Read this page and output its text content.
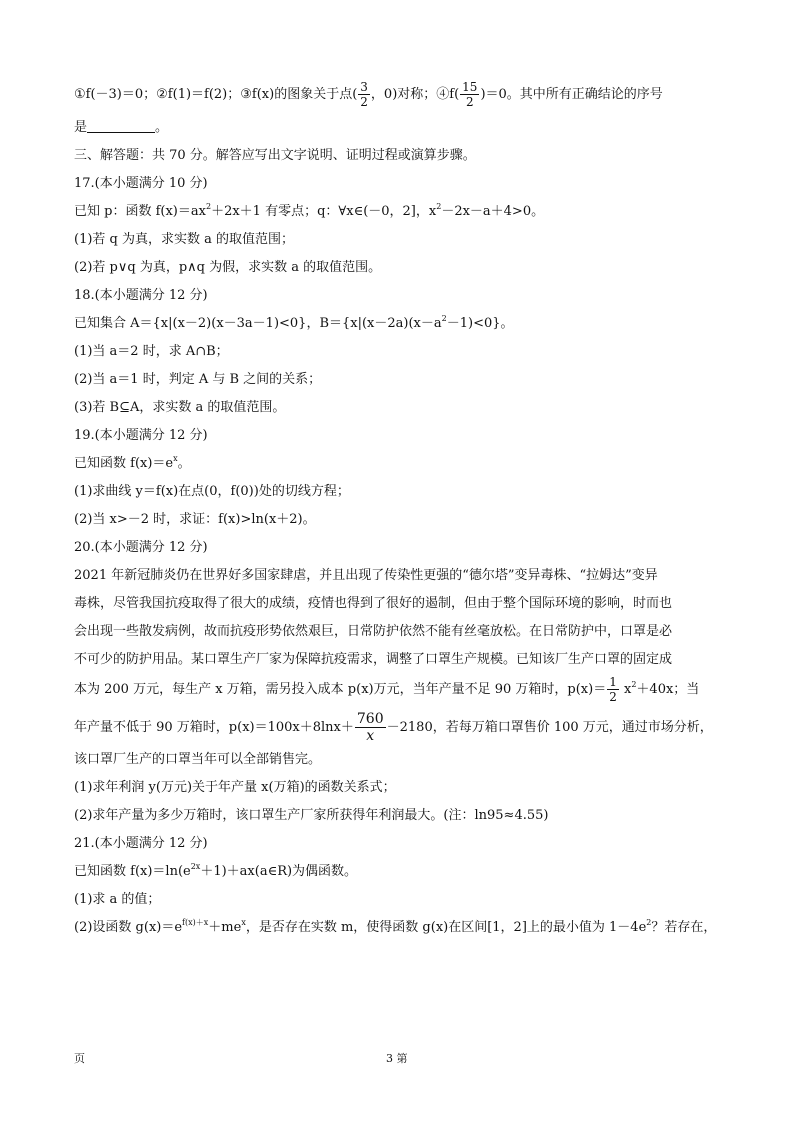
①f(－3)＝0；②f(1)＝f(2)；③f(x)的图象关于点( $\frac{3}{2}$ ，0)对称；④f( $\frac{15}{2} )=0$。其中所有正确结论的序号
是	。
三、解答题：共 70 分。解答应写出文字说明、证明过程或演算步骤。
17.(本小题满分 10 分)
已知 p：函数 $f(x)=ax^2+2x+1$ 有零点；q：∀x∈(－0，2]，$x^2-2x-a+4>0$。
(1)若 q 为真，求实数 a 的取值范围；
(2)若 p∨q 为真，p∧q 为假，求实数 a 的取值范围。
18.(本小题满分 12 分)
已知集合 A＝{x|(x－2)(x－3a－1)<0}，$B=\{x|(x-2a)(x-a^2-1)<0\}$。
(1)当 a＝2 时，求 A∩B；
(2)当 a＝1 时，判定 A 与 B 之间的关系；
(3)若 B⊆A，求实数 a 的取值范围。
19.(本小题满分 12 分)
已知函数 $f(x)=e^x$。
(1)求曲线 y＝f(x)在点(0，f(0))处的切线方程；
(2)当 x>－2 时，求证：f(x)>ln(x＋2)。
20.(本小题满分 12 分)
2021 年新冠肺炎仍在世界好多国家肆虐，并且出现了传染性更强的“德尔塔”变异毒株、“拉姆达”变异
毒株，尽管我国抗疫取得了很大的成绩，疫情也得到了很好的遏制，但由于整个国际环境的影响，时而也
会出现一些散发病例，故而抗疫形势依然艰巨，日常防护依然不能有丝毫放松。在日常防护中，口罩是必
不可少的防护用品。某口罩生产厂家为保障抗疫需求，调整了口罩生产规模。已知该厂生产口罩的固定成
本为 200 万元，每生产 x 万箱，需另投入成本 p(x)万元，当年产量不足 90 万箱时，$p(x)= \frac{1}{2} x^2+40x$；当
年产量不低于 90 万箱时，$p(x)=100x+8\ln x+ \frac{760}{x} -2180$，若每万箱口罩售价 100 万元，通过市场分析，
该口罩厂生产的口罩当年可以全部销售完。
(1)求年利润 y(万元)关于年产量 x(万箱)的函数关系式；
(2)求年产量为多少万箱时，该口罩生产厂家所获得年利润最大。(注：ln95≈4.55)
21.(本小题满分 12 分)
已知函数 $f(x)=\ln(e^{2x}+1)+ax(a\in R)$为偶函数。
(1)求 a 的值；
(2)设函数 $g(x)=e^{f(x)+x}+me^x$，是否存在实数 m，使得函数 g(x)在区间[1，2]上的最小值为 $1-4e^2$？若存在，
页	3 第
